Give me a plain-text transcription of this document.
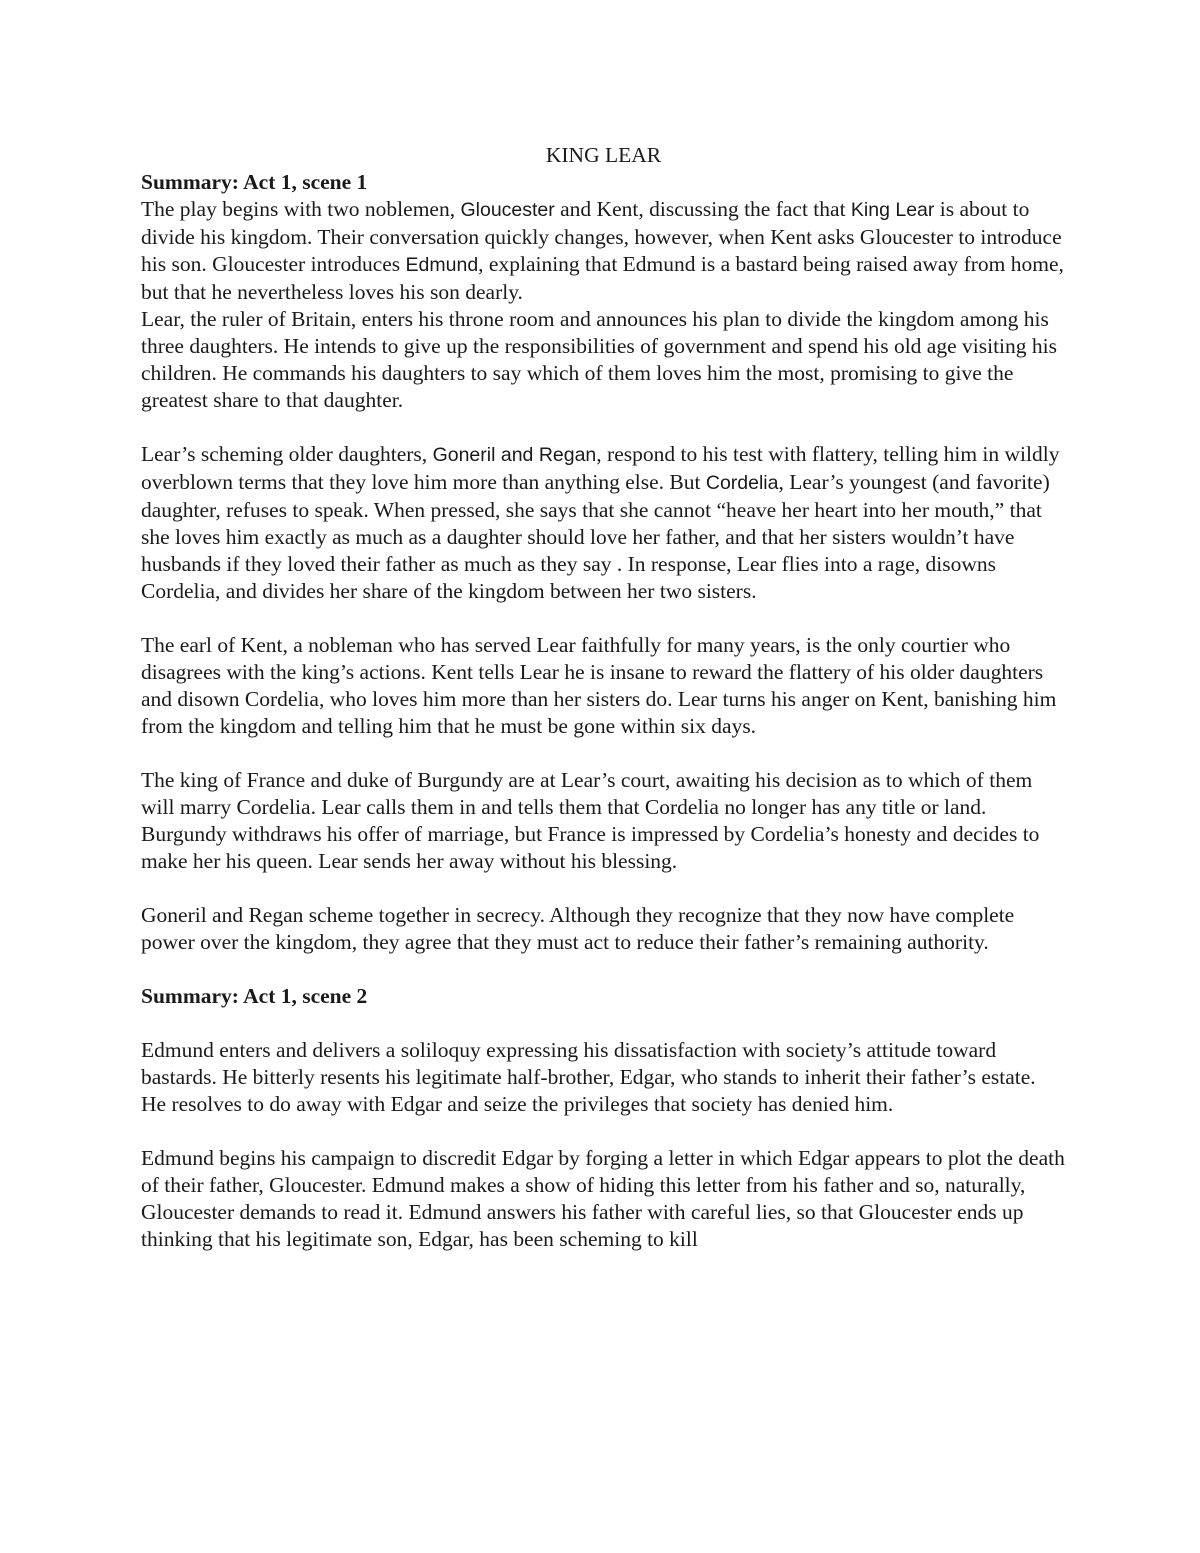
KING LEAR

Summary: Act 1, scene 1

The play begins with two noblemen, Gloucester and Kent, discussing the fact that King Lear is about to divide his kingdom. Their conversation quickly changes, however, when Kent asks Gloucester to introduce his son. Gloucester introduces Edmund, explaining that Edmund is a bastard being raised away from home, but that he nevertheless loves his son dearly.

Lear, the ruler of Britain, enters his throne room and announces his plan to divide the kingdom among his three daughters. He intends to give up the responsibilities of government and spend his old age visiting his children. He commands his daughters to say which of them loves him the most, promising to give the greatest share to that daughter.

Lear’s scheming older daughters, Goneril and Regan, respond to his test with flattery, telling him in wildly overblown terms that they love him more than anything else. But Cordelia, Lear’s youngest (and favorite) daughter, refuses to speak. When pressed, she says that she cannot “heave her heart into her mouth,” that she loves him exactly as much as a daughter should love her father, and that her sisters wouldn’t have husbands if they loved their father as much as they say . In response, Lear flies into a rage, disowns Cordelia, and divides her share of the kingdom between her two sisters.

The earl of Kent, a nobleman who has served Lear faithfully for many years, is the only courtier who disagrees with the king’s actions. Kent tells Lear he is insane to reward the flattery of his older daughters and disown Cordelia, who loves him more than her sisters do. Lear turns his anger on Kent, banishing him from the kingdom and telling him that he must be gone within six days.

The king of France and duke of Burgundy are at Lear’s court, awaiting his decision as to which of them will marry Cordelia. Lear calls them in and tells them that Cordelia no longer has any title or land. Burgundy withdraws his offer of marriage, but France is impressed by Cordelia’s honesty and decides to make her his queen. Lear sends her away without his blessing.

Goneril and Regan scheme together in secrecy. Although they recognize that they now have complete power over the kingdom, they agree that they must act to reduce their father’s remaining authority.

Summary: Act 1, scene 2

Edmund enters and delivers a soliloquy expressing his dissatisfaction with society’s attitude toward bastards. He bitterly resents his legitimate half-brother, Edgar, who stands to inherit their father’s estate. He resolves to do away with Edgar and seize the privileges that society has denied him.

Edmund begins his campaign to discredit Edgar by forging a letter in which Edgar appears to plot the death of their father, Gloucester. Edmund makes a show of hiding this letter from his father and so, naturally, Gloucester demands to read it. Edmund answers his father with careful lies, so that Gloucester ends up thinking that his legitimate son, Edgar, has been scheming to kill
